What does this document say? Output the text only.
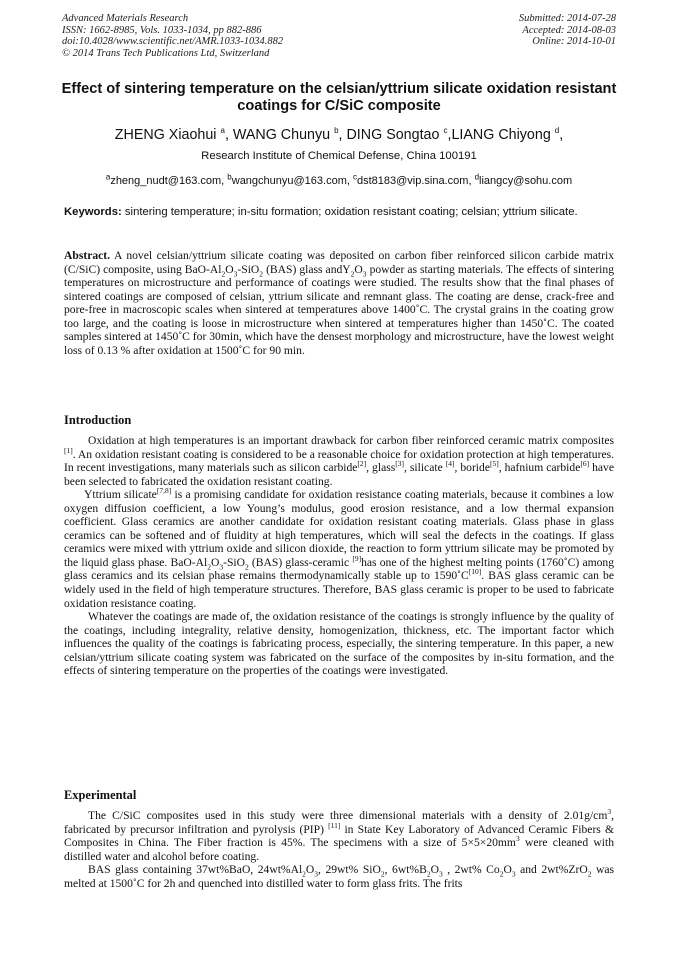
Advanced Materials Research
ISSN: 1662-8985, Vols. 1033-1034, pp 882-886
doi:10.4028/www.scientific.net/AMR.1033-1034.882
© 2014 Trans Tech Publications Ltd, Switzerland
Submitted: 2014-07-28
Accepted: 2014-08-03
Online: 2014-10-01
Effect of sintering temperature on the celsian/yttrium silicate oxidation resistant coatings for C/SiC composite
ZHENG Xiaohui $^a$, WANG Chunyu $^b$, DING Songtao $^c$,LIANG Chiyong $^d$,
Research Institute of Chemical Defense, China 100191
$^a$zheng_nudt@163.com, $^b$wangchunyu@163.com, $^c$dst8183@vip.sina.com, $^d$liangcy@sohu.com
Keywords: sintering temperature; in-situ formation; oxidation resistant coating; celsian; yttrium silicate.

Abstract. A novel celsian/yttrium silicate coating was deposited on carbon fiber reinforced silicon carbide matrix (C/SiC) composite, using BaO-$Al_2O_3-SiO_2$ (BAS) glass $andY_2O_3$ powder as starting materials. The effects of sintering temperatures on microstructure and performance of coatings were studied. The results show that the final phases of sintered coatings are composed of celsian, yttrium silicate and remnant glass. The coating are dense, crack-free and pore-free in macroscopic scales when sintered at temperatures above 1400˚C. The crystal grains in the coating grow too large, and the coating is loose in microstructure when sintered at temperatures higher than 1450˚C. The coated samples sintered at 1450˚C for 30min, which have the densest morphology and microstructure, have the lowest weight loss of 0.13 % after oxidation at 1500˚C for 90 min.

Introduction

Oxidation at high temperatures is an important drawback for carbon fiber reinforced ceramic matrix composites [1]. An oxidation resistant coating is considered to be a reasonable choice for oxidation protection at high temperatures. In recent investigations, many materials such as silicon carbide[2], glass[3], silicate [4], boride[5], hafnium carbide[6] have been selected to fabricated the oxidation resistant coating.

Yttrium silicate[7,8] is a promising candidate for oxidation resistance coating materials, because it combines a low oxygen diffusion coefficient, a low Young’s modulus, good erosion resistance, and a low thermal expansion coefficient. Glass ceramics are another candidate for oxidation resistant coating materials. Glass phase in glass ceramics can be softened and of fluidity at high temperatures, which will seal the defects in the coatings. If glass ceramics were mixed with yttrium oxide and silicon dioxide, the reaction to form yttrium silicate may be promoted by the liquid glass phase. BaO-$Al_2O_3-SiO_2$ (BAS) glass-ceramic [9]has one of the highest melting points (1760˚C) among glass ceramics and its celsian phase remains thermodynamically stable up to 1590˚C[10]. BAS glass ceramic can be widely used in the field of high temperature structures. Therefore, BAS glass ceramic is proper to be used to fabricate oxidation resistance coating.

Whatever the coatings are made of, the oxidation resistance of the coatings is strongly influence by the quality of the coatings, including integrality, relative density, homogenization, thickness, etc. The important factor which influences the quality of the coatings is fabricating process, especially, the sintering temperature. In this paper, a new celsian/yttrium silicate coating system was fabricated on the surface of the composites by in-situ formation, and the effects of sintering temperature on the properties of the coatings were investigated.

Experimental

The C/SiC composites used in this study were three dimensional materials with a density of $2.01g/cm^3$, fabricated by precursor infiltration and pyrolysis (PIP) [11] in State Key Laboratory of Advanced Ceramic Fibers & Composites in China. The Fiber fraction is 45%. The specimens with a size of $5\times 5\times 20mm^3$ were cleaned with distilled water and alcohol before coating.

BAS glass containing 37wt%BaO, $24wt\%Al_2O_3$, 29wt% SiO$_2$, $6wt\%B_2O_3$ , 2wt% $Co_2O_3$ and 2wt%ZrO$_2$ was melted at 1500˚C for 2h and quenched into distilled water to form glass frits. The frits
